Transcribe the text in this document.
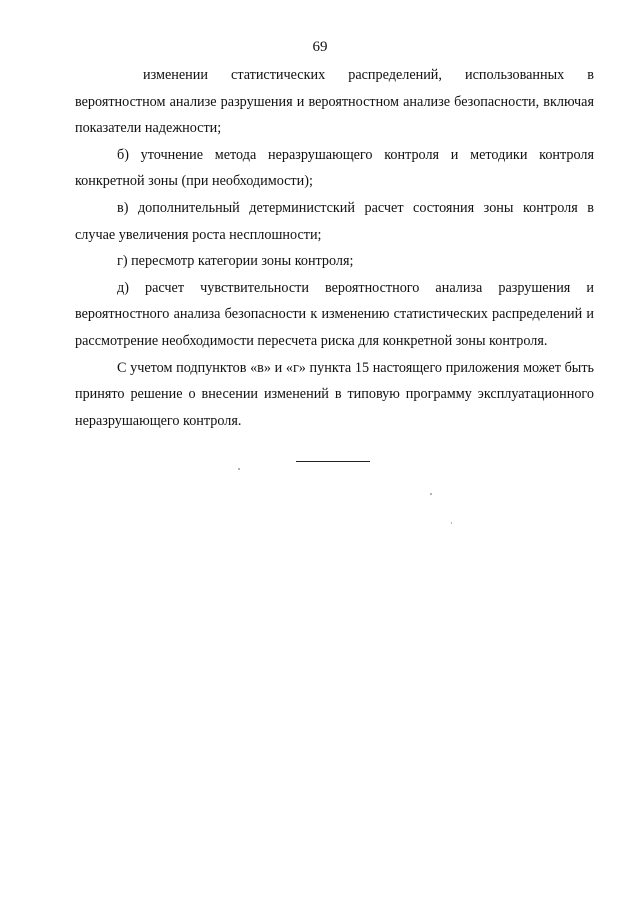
69

изменении статистических распределений, использованных в вероятностном анализе разрушения и вероятностном анализе безопасности, включая показатели надежности;

б) уточнение метода неразрушающего контроля и методики контроля конкретной зоны (при необходимости);

в) дополнительный детерминистский расчет состояния зоны контроля в случае увеличения роста несплошности;

г) пересмотр категории зоны контроля;

д) расчет чувствительности вероятностного анализа разрушения и вероятностного анализа безопасности к изменению статистических распределений и рассмотрение необходимости пересчета риска для конкретной зоны контроля.

С учетом подпунктов «в» и «г» пункта 15 настоящего приложения может быть принято решение о внесении изменений в типовую программу эксплуатационного неразрушающего контроля.
